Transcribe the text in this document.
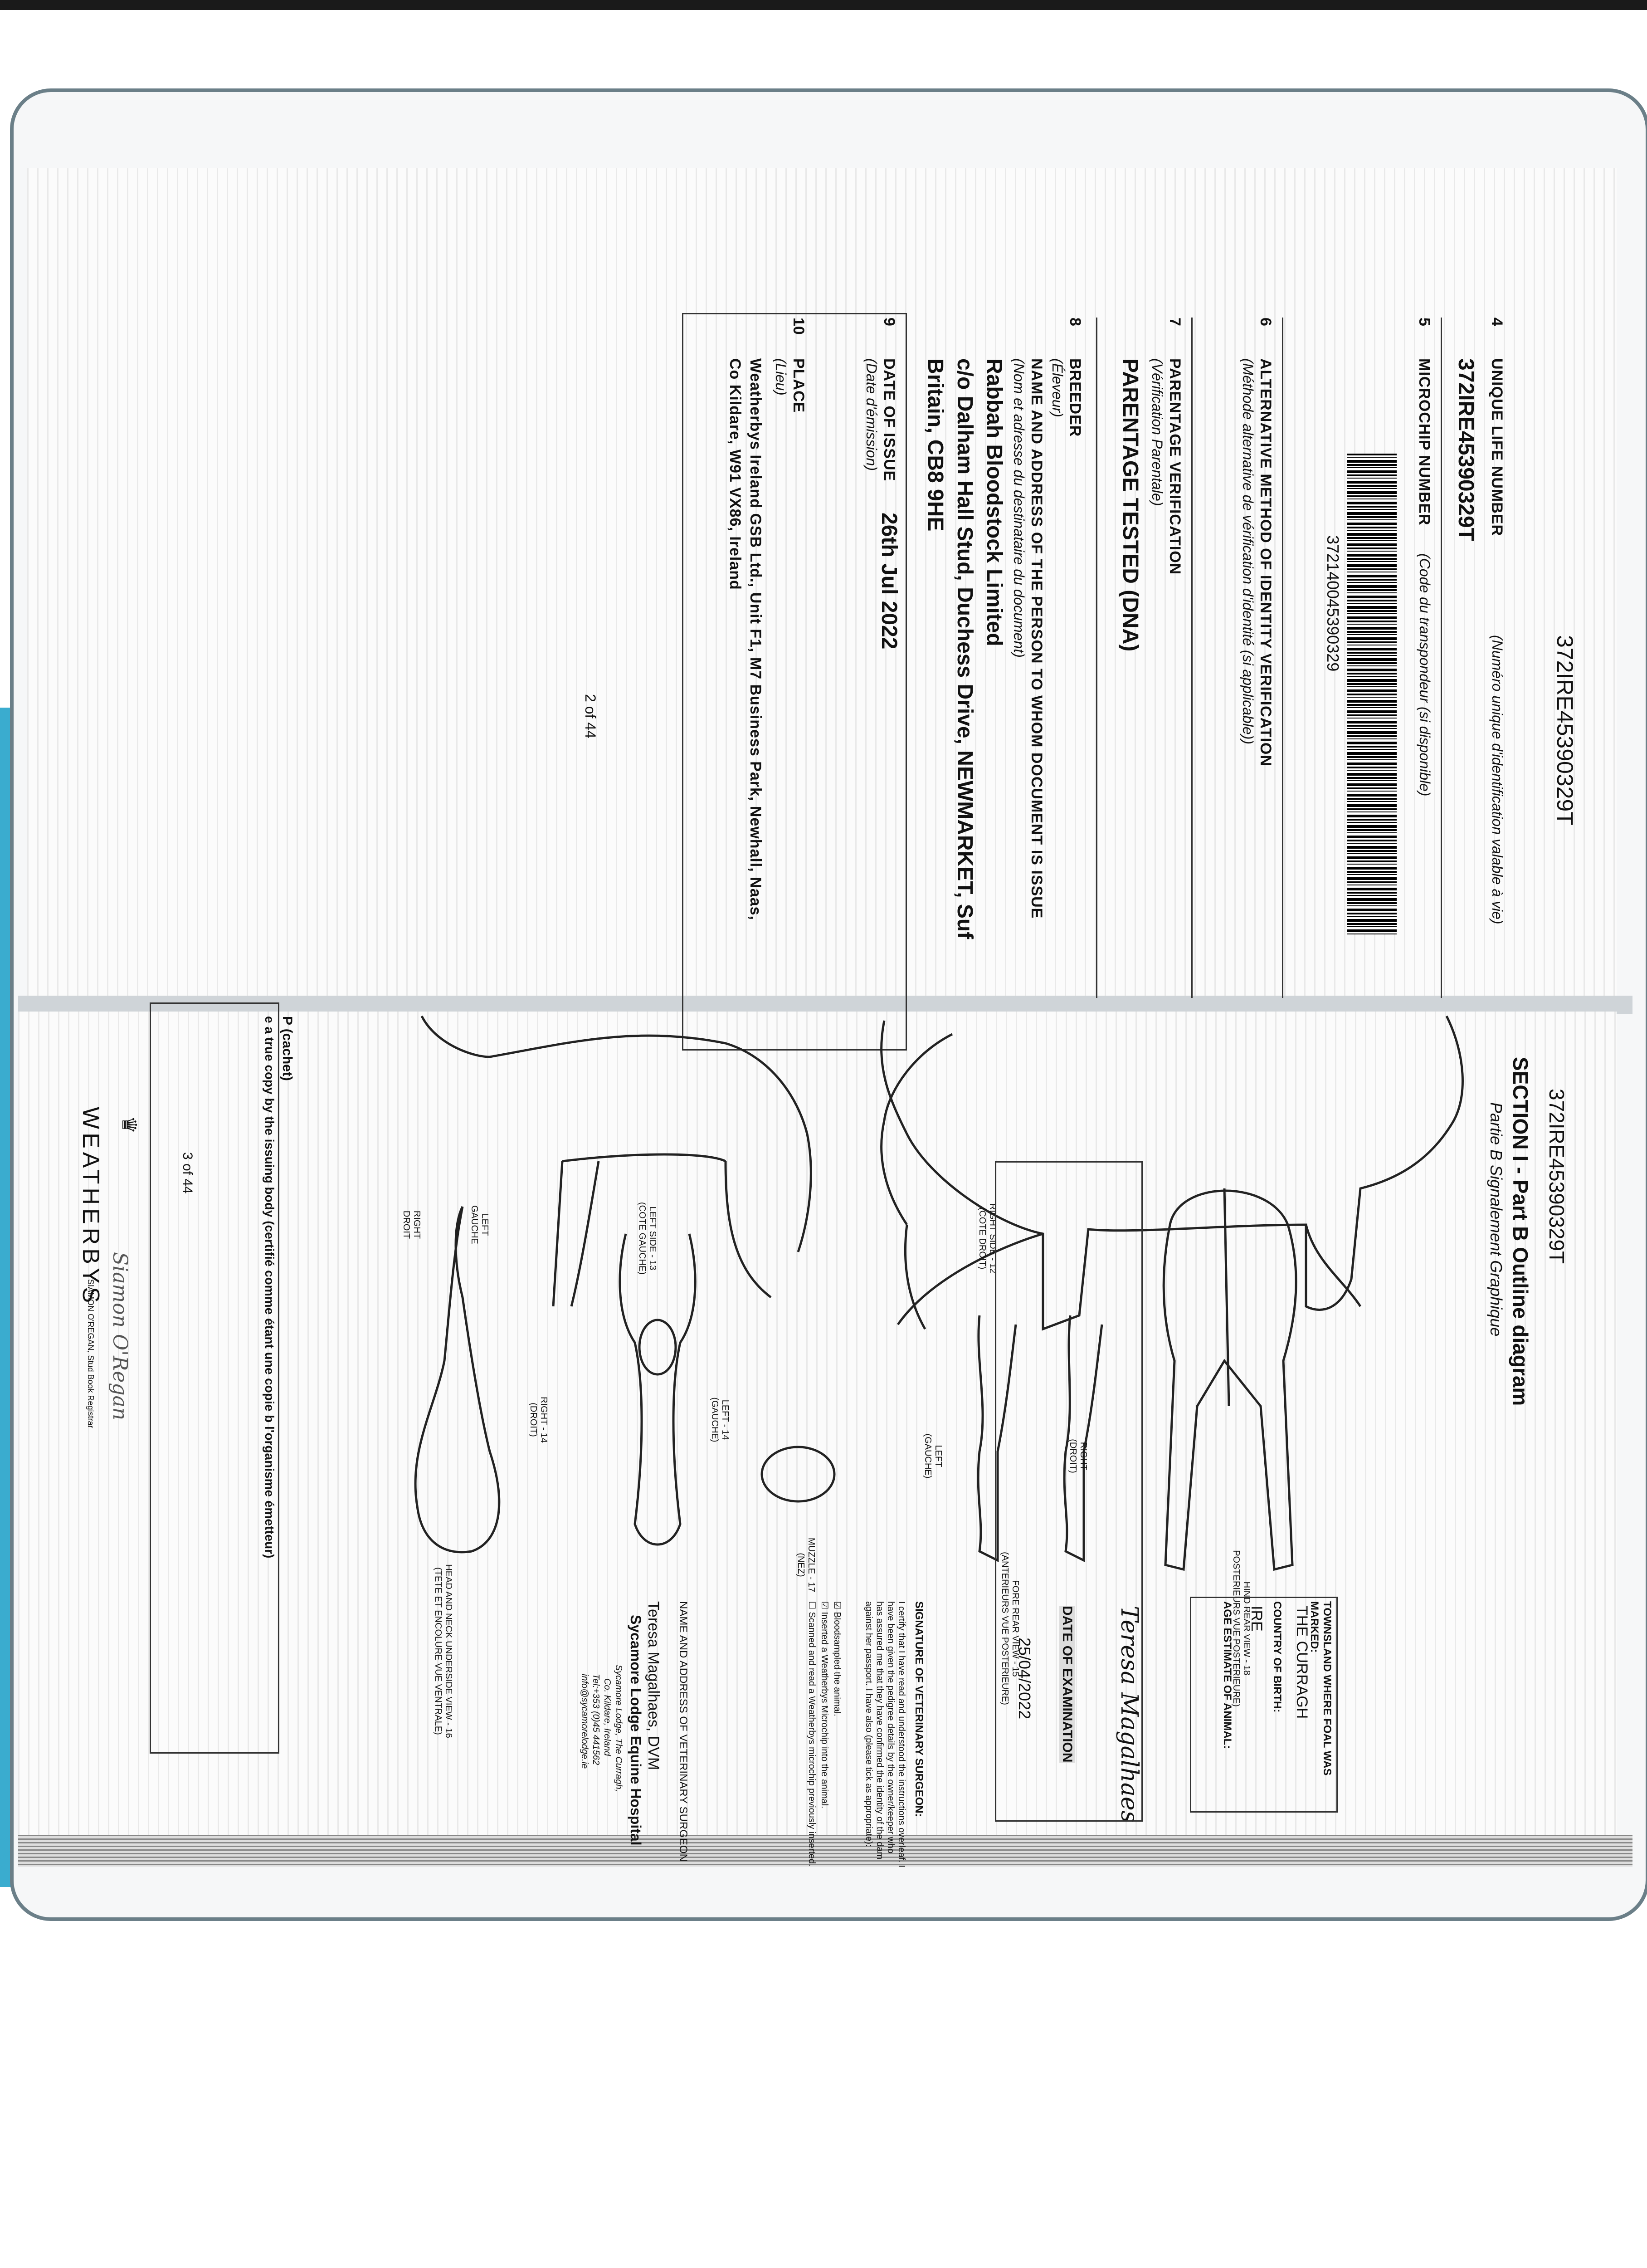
372IRE45390329T
4
UNIQUE LIFE NUMBER
(Numéro unique d'identification valable à vie)
372IRE45390329T
5
MICROCHIP NUMBER
(Code du transpondeur (si disponible)
372140045390329
6
ALTERNATIVE METHOD OF IDENTITY VERIFICATION
(Méthode alternative de vérification d'identité (si applicable))
7
PARENTAGE VERIFICATION
(Vérification Parentale)
PARENTAGE TESTED (DNA)
8
BREEDER
(Éleveur)
NAME AND ADDRESS OF THE PERSON TO WHOM DOCUMENT IS ISSUE
(Nom et adresse du destinataire du document)
Rabbah Bloodstock Limited
c/o Dalham Hall Stud, Duchess Drive, NEWMARKET, Suf
Britain, CB8 9HE
9
DATE OF ISSUE
(Date d'émission)
26th Jul 2022
10
PLACE
(Lieu)
Weatherbys Ireland GSB Ltd., Unit F1, M7 Business Park, Newhall, Naas,
Co Kildare, W91 VX86, Ireland
2 of 44
372IRE45390329T
SECTION I - Part B Outline diagram
Partie B Signalement Graphique
RIGHT SIDE - 12
(COTE DROIT)
LEFT SIDE - 13
(COTE GAUCHE)
HEAD AND NECK UNDERSIDE VIEW - 16
(TETE ET ENCOLURE VUE VENTRALE)
MUZZLE - 17
(NEZ)
FORE REAR VIEW - 15
(ANTERIEURS VUE POSTERIEURE)
HIND REAR VIEW - 18
POSTERIEURS VUE POSTERIEURE)
RIGHT - 14
(DROIT)	LEFT - 14
(GAUCHE)
RIGHT
DROIT	LEFT
GAUCHE
LEFT
(GAUCHE)	RIGHT
(DROIT)
TOWNSLAND WHERE FOAL WAS MARKED:
THE CURRAGH
COUNTRY OF BIRTH:
IRE
AGE ESTIMATE OF ANIMAL:
Teresa Magalhaes
DATE OF EXAMINATION
25/04/2022
SIGNATURE OF VETERINARY SURGEON:
I certify that I have read and understood the instructions overleaf. I have been given the pedigree details by the owner/keeper who has assured me that they have confirmed the identity of the dam against her passport. I have also (please tick as appropriate):
☑ Bloodsampled the animal.
☑ Inserted a Weatherbys Microchip into the animal.
☐ Scanned and read a Weatherbys microchip previously inserted.
NAME AND ADDRESS OF VETERINARY SURGEON
Teresa Magalhaes, DVM
Sycamore Lodge Equine Hospital
Sycamore Lodge, The Curragh,
Co. Kildare, Ireland
Tel:+353 (0)45 441562
info@sycamorelodge.ie
P (cachet)
e a true copy by the issuing body (certifié comme étant une copie b l'organisme émetteur)
3 of 44
WEATHERBYS ♛
Siamon O'Regan
SIAMON O'REGAN, Stud Book Registrar
